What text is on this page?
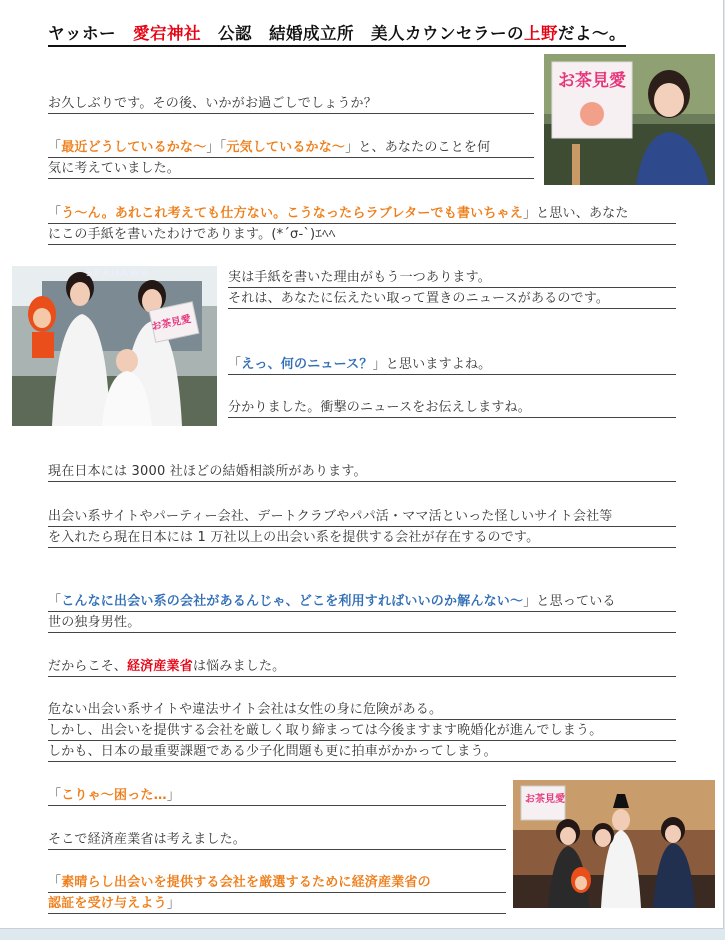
ヤッホー　愛宕神社　公認　結婚成立所　美人カウンセラーの上野だよ～。
お茶見愛
SEAHAWK
お茶見愛
お茶見愛
お久しぶりです。その後、いかがお過ごしでしょうか？
「最近どうしているかな～」「元気しているかな～」と、あなたのことを何
気に考えていました。
「う～ん。あれこれ考えても仕方ない。こうなったらラブレターでも書いちゃえ」と思い、あなた
にこの手紙を書いたわけであります。(*´σ-`)ｴﾍﾍ
実は手紙を書いた理由がもう一つあります。
それは、あなたに伝えたい取って置きのニュースがあるのです。
「えっ、何のニュース？」と思いますよね。
分かりました。衝撃のニュースをお伝えしますね。
現在日本には 3000 社ほどの結婚相談所があります。
出会い系サイトやパーティー会社、デートクラブやパパ活・ママ活といった怪しいサイト会社等
を入れたら現在日本には 1 万社以上の出会い系を提供する会社が存在するのです。
「こんなに出会い系の会社があるんじゃ、どこを利用すればいいのか解んない～」と思っている
世の独身男性。
だからこそ、経済産業省は悩みました。
危ない出会い系サイトや違法サイト会社は女性の身に危険がある。
しかし、出会いを提供する会社を厳しく取り締まっては今後ますます晩婚化が進んでしまう。
しかも、日本の最重要課題である少子化問題も更に拍車がかかってしまう。
「こりゃ～困った…」
そこで経済産業省は考えました。
「素晴らし出会いを提供する会社を厳選するために経済産業省の
認証を受け与えよう」
